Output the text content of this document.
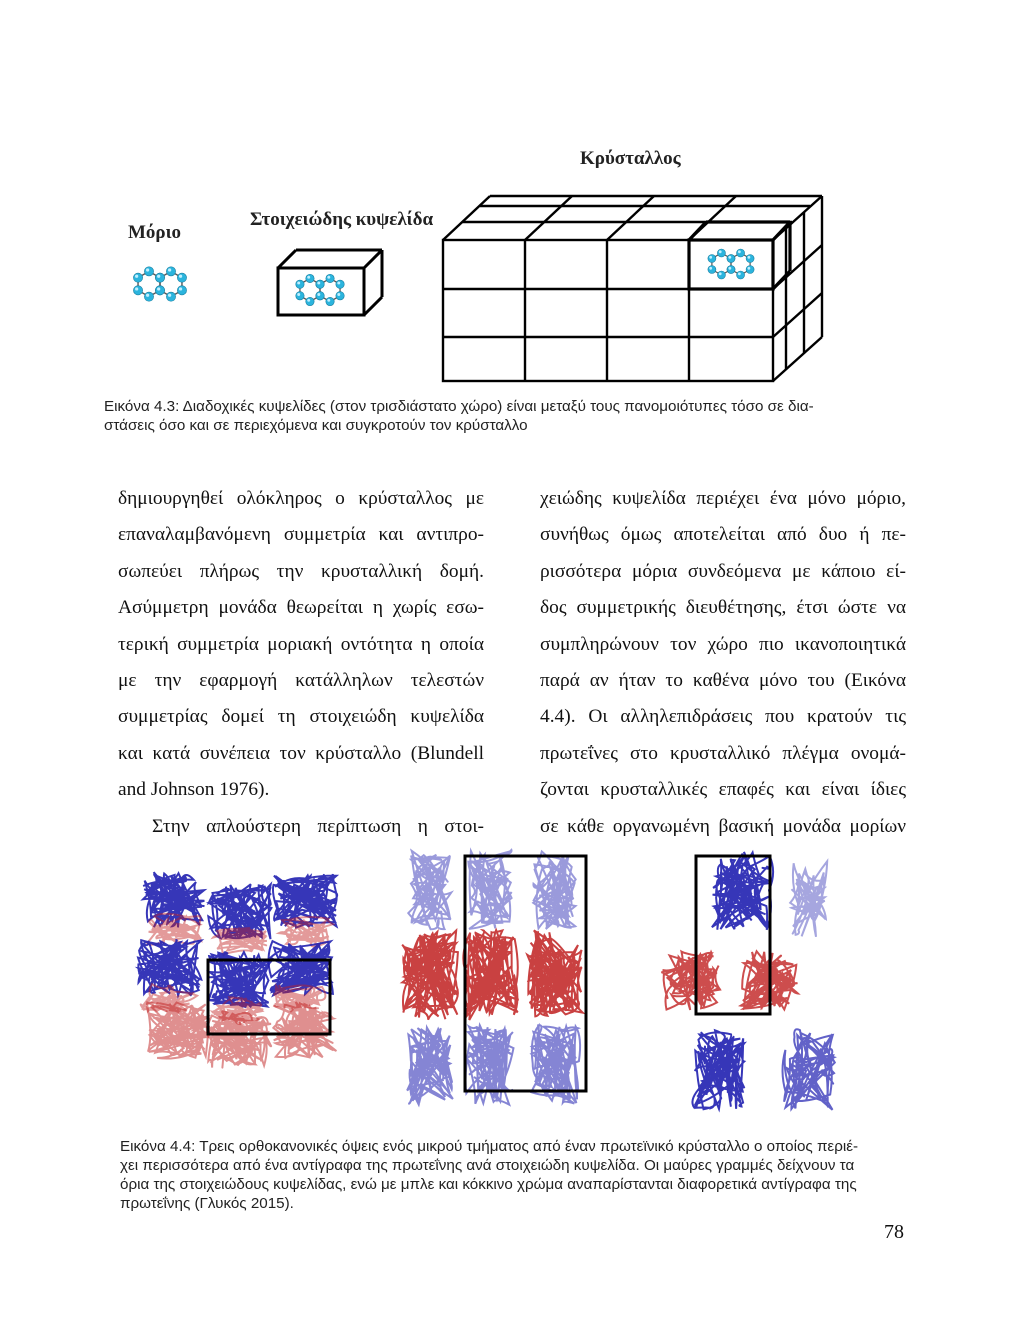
Κρύσταλλος
Μόριο
Στοιχειώδης κυψελίδα
Εικόνα 4.3: Διαδοχικές κυψελίδες (στον τρισδιάστατο χώρο) είναι μεταξύ τους πανομοιότυπες τόσο σε δια-
στάσεις όσο και σε περιεχόμενα και συγκροτούν τον κρύσταλλο
δημιουργηθεί ολόκληρος ο κρύσταλλος με
επαναλαμβανόμενη συμμετρία και αντιπρο-
σωπεύει πλήρως την κρυσταλλική δομή.
Ασύμμετρη μονάδα θεωρείται η χωρίς εσω-
τερική συμμετρία μοριακή οντότητα η οποία
με την εφαρμογή κατάλληλων τελεστών
συμμετρίας δομεί τη στοιχειώδη κυψελίδα
και κατά συνέπεια τον κρύσταλλο (Blundell
and Johnson 1976).
Στην απλούστερη περίπτωση η στοι-
χειώδης κυψελίδα περιέχει ένα μόνο μόριο,
συνήθως όμως αποτελείται από δυο ή πε-
ρισσότερα μόρια συνδεόμενα με κάποιο εί-
δος συμμετρικής διευθέτησης, έτσι ώστε να
συμπληρώνουν τον χώρο πιο ικανοποιητικά
παρά αν ήταν το καθένα μόνο του (Εικόνα
4.4). Οι αλληλεπιδράσεις που κρατούν τις
πρωτεΐνες στο κρυσταλλικό πλέγμα ονομά-
ζονται κρυσταλλικές επαφές και είναι ίδιες
σε κάθε οργανωμένη βασική μονάδα μορίων
Εικόνα 4.4: Τρεις ορθοκανονικές όψεις ενός μικρού τμήματος από έναν πρωτεϊνικό κρύσταλλο ο οποίος περιέ-
χει περισσότερα από ένα αντίγραφα της πρωτεΐνης ανά στοιχειώδη κυψελίδα. Οι μαύρες γραμμές δείχνουν τα
όρια της στοιχειώδους κυψελίδας, ενώ με μπλε και κόκκινο χρώμα αναπαρίστανται διαφορετικά αντίγραφα της
πρωτεΐνης (Γλυκός 2015).
78
